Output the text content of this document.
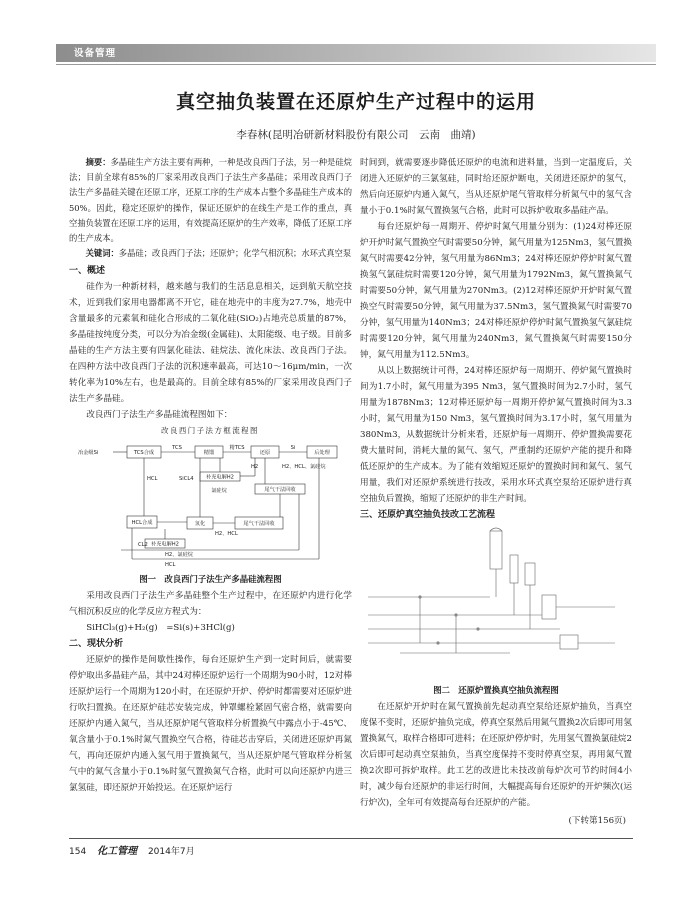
设备管理
真空抽负装置在还原炉生产过程中的运用
李春林(昆明冶研新材料股份有限公司　云南　曲靖)
摘要：多晶硅生产方法主要有两种，一种是改良西门子法，另一种是硅烷法；目前全球有85%的厂家采用改良西门子法生产多晶硅；采用改良西门子法生产多晶硅关键在还原工序，还原工序的生产成本占整个多晶硅生产成本的50%。因此，稳定还原炉的操作，保证还原炉的在线生产是工作的重点，真空抽负装置在还原工序的运用，有效提高还原炉的生产效率，降低了还原工序的生产成本。
关键词：多晶硅；改良西门子法；还原炉；化学气相沉积；水环式真空泵
一、概述
硅作为一种新材料，越来越与我们的生活息息相关，远到航天航空技术，近到我们家用电器都离不开它，硅在地壳中的丰度为27.7%，地壳中含量最多的元素氧和硅化合形成的二氧化硅(SiO₂)占地壳总质量的87%，多晶硅按纯度分类，可以分为冶金级(金属硅)、太阳能级、电子级。目前多晶硅的生产方法主要有四氯化硅法、硅烷法、流化床法、改良西门子法。在四种方法中改良西门子法的沉积速率最高，可达10～16μm/min，一次转化率为10%左右，也是最高的。目前全球有85%的厂家采用改良西门子法生产多晶硅。
改良西门子法生产多晶硅流程图如下：
改良西门子法方框流程图
冶金级Si	TCS合成
TCS
精馏
精TCS
还原
Si
后处理
HCL	SiCL4 补充电解H2
尾气干法回收
氯硅烷
H2	H2、HCL、氯硅烷
HCL合成	氢化
H2、HCL
尾气干法回收
补充电解H2
CL2
H2、氯硅烷
HCL
图一　改良西门子法生产多晶硅流程图
采用改良西门子法生产多晶硅整个生产过程中，在还原炉内进行化学气相沉积反应的化学反应方程式为：
SiHCl₃(g)+H₂(g)　=Si(s)+3HCl(g)
二、现状分析
还原炉的操作是间歇性操作，每台还原炉生产到一定时间后，就需要停炉取出多晶硅产品，其中24对棒还原炉运行一个周期为90小时，12对棒还原炉运行一个周期为120小时，在还原炉开炉、停炉时都需要对还原炉进行吹扫置换。在还原炉硅芯安装完成，钟罩螺栓紧固气密合格，就需要向还原炉内通入氮气，当从还原炉尾气管取样分析置换气中露点小于-45℃、氧含量小于0.1%时氮气置换空气合格，待硅芯击穿后，关闭进还原炉再氮气，再向还原炉内通入氢气用于置换氮气，当从还原炉尾气管取样分析氢气中的氮气含量小于0.1%时氢气置换氮气合格，此时可以向还原炉内进三氯氢硅，即还原炉开始投运。在还原炉运行
时间到，就需要逐步降低还原炉的电流和进料量，当到一定温度后，关闭进入还原炉的三氯氢硅，同时给还原炉断电，关闭进还原炉的氢气，然后向还原炉内通入氮气，当从还原炉尾气管取样分析氮气中的氢气含量小于0.1%时氮气置换氢气合格，此时可以拆炉收取多晶硅产品。
每台还原炉每一周期开、停炉时氮气用量分别为：(1)24对棒还原炉开炉时氮气置换空气时需要50分钟，氮气用量为125Nm3，氢气置换氮气时需要42分钟，氢气用量为86Nm3；24对棒还原炉停炉时氮气置换氢气氯硅烷时需要120分钟，氮气用量为1792Nm3，氮气置换氮气时需要50分钟，氮气用量为270Nm3。(2)12对棒还原炉开炉时氮气置换空气时需要50分钟，氮气用量为37.5Nm3，氢气置换氮气时需要70分钟，氢气用量为140Nm3；24对棒还原炉停炉时氮气置换氢气氯硅烷时需要120分钟，氮气用量为240Nm3，氮气置换氮气时需要150分钟，氮气用量为112.5Nm3。
从以上数据统计可得，24对棒还原炉每一周期开、停炉氮气置换时间为1.7小时，氮气用量为395 Nm3，氢气置换时间为2.7小时，氢气用量为1878Nm3；12对棒还原炉每一周期开停炉氮气置换时间为3.3小时，氮气用量为150 Nm3，氢气置换时间为3.17小时，氢气用量为380Nm3，从数据统计分析来看，还原炉每一周期开、停炉置换需要花费大量时间，消耗大量的氮气、氢气，严重制约还原炉产能的提升和降低还原炉的生产成本。为了能有效缩短还原炉的置换时间和氮气、氢气用量，我们对还原炉系统进行技改，采用水环式真空泵给还原炉进行真空抽负后置换，缩短了还原炉的非生产时间。
三、还原炉真空抽负技改工艺流程
图二　还原炉置换真空抽负流程图
在还原炉开炉时在氮气置换前先起动真空泵给还原炉抽负，当真空度保不变时，还原炉抽负完成，停真空泵然后用氮气置换2次后即可用氢置换氮气，取样合格即可进料；在还原炉停炉时，先用氢气置换氯硅烷2次后即可起动真空泵抽负，当真空度保持不变时停真空泵，再用氮气置换2次即可拆炉取样。此工艺的改进比未技改前每炉次可节约时间4小时，减少每台还原炉的非运行时间，大幅提高每台还原炉的开炉频次(运行炉次)，全年可有效提高每台还原炉的产能。
(下转第156页)
154 化工管理 2014年7月
